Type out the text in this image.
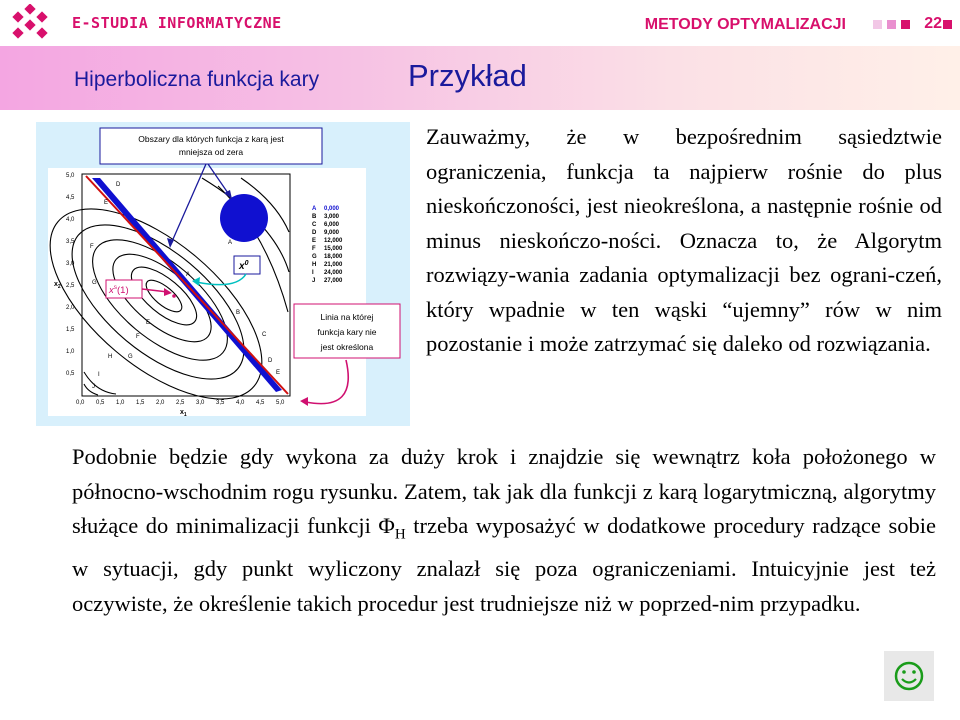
E-STUDIA INFORMATYCZNE	METODY OPTYMALIZACJI	22
Hiperboliczna funkcja kary	Przykład
D
E
F
G
H
I
J
A
B
C
D
E
E
F
G
A
5,0
4,5
4,0
3,5
3,0
2,5
2,0
1,5
1,0
0,5
$x_2$
0,0 0,5 1,0 1,5 2,0 2,5 3,0 3,5 4,0 4,5 5,0
$x_1$
A 0,000
B 3,000
C 6,000
D 9,000
E 12,000
F 15,000
G 18,000
H 21,000
I 24,000
J 27,000
Obszary dla których funkcja z karą jest
mniejsza od zera
$x^0$
$x^s(1)$
Linia na której
funkcja kary nie
jest określona
Zauważmy, że w bezpośrednim sąsiedztwie ograniczenia, funkcja ta najpierw rośnie do plus nieskończoności, jest nieokreślona, a następnie rośnie od minus nieskończo-ności. Oznacza to, że Algorytm rozwiązy-wania zadania optymalizacji bez ograni-czeń, który wpadnie w ten wąski “ujemny” rów w nim pozostanie i może zatrzymać się daleko od rozwiązania.
Podobnie będzie gdy wykona za duży krok i znajdzie się wewnątrz koła położonego w północno-wschodnim rogu rysunku. Zatem, tak jak dla funkcji z karą logarytmiczną, algorytmy służące do minimalizacji funkcji $\Phi_H$ trzeba wyposażyć w dodatkowe procedury radzące sobie w sytuacji, gdy punkt wyliczony znalazł się poza ograniczeniami. Intuicyjnie jest też oczywiste, że określenie takich procedur jest trudniejsze niż w poprzed-nim przypadku.
